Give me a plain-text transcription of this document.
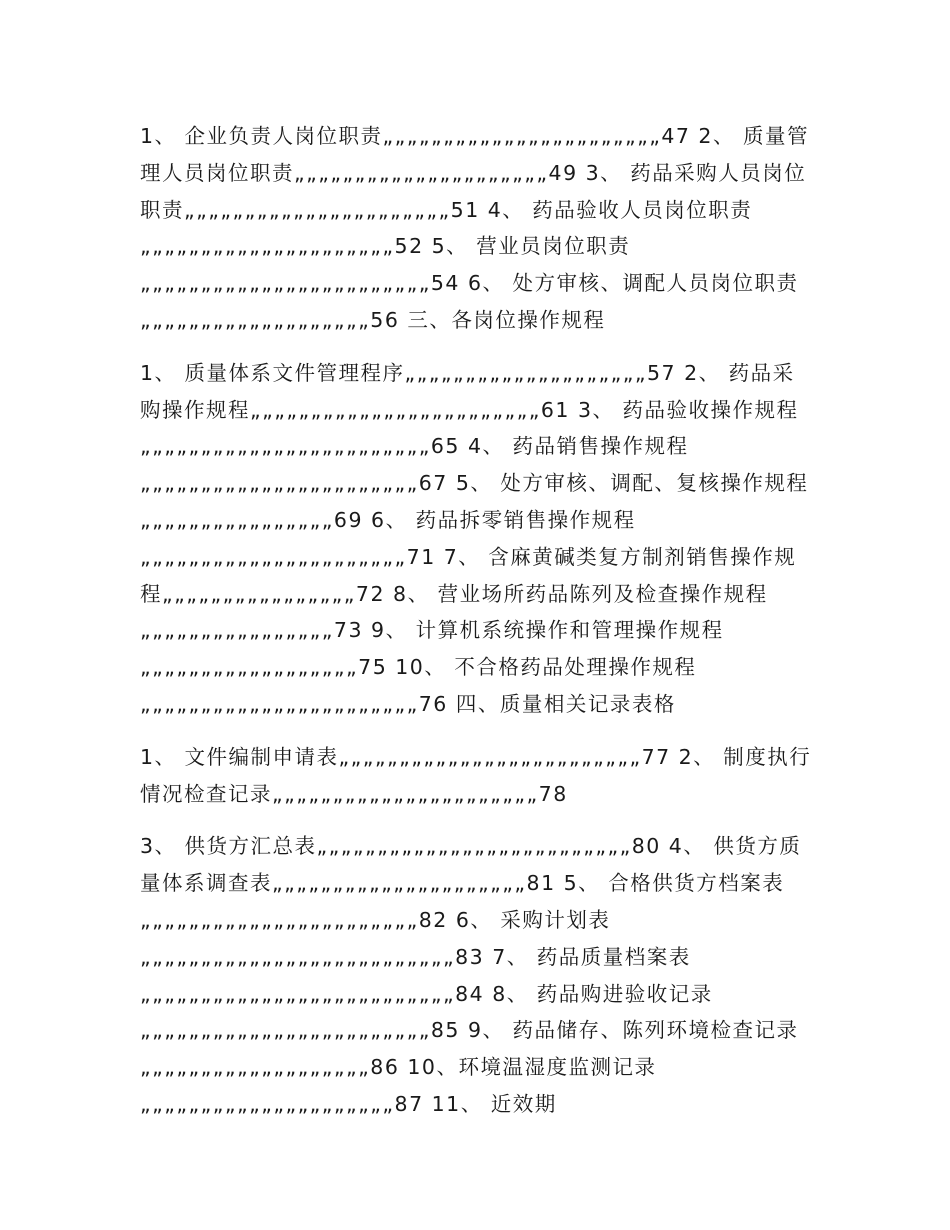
1、 企业负责人岗位职责„„„„„„„„„„„„„„„„„„„„„„„47 2、 质量管理人员岗位职责„„„„„„„„„„„„„„„„„„„„„49 3、 药品采购人员岗位职责„„„„„„„„„„„„„„„„„„„„„„51 4、 药品验收人员岗位职责„„„„„„„„„„„„„„„„„„„„„52 5、 营业员岗位职责„„„„„„„„„„„„„„„„„„„„„„„„54 6、 处方审核、调配人员岗位职责„„„„„„„„„„„„„„„„„„„56 三、各岗位操作规程

1、 质量体系文件管理程序„„„„„„„„„„„„„„„„„„„„57 2、 药品采购操作规程„„„„„„„„„„„„„„„„„„„„„„„„61 3、 药品验收操作规程„„„„„„„„„„„„„„„„„„„„„„„„65 4、 药品销售操作规程„„„„„„„„„„„„„„„„„„„„„„„67 5、 处方审核、调配、复核操作规程„„„„„„„„„„„„„„„„69 6、 药品拆零销售操作规程„„„„„„„„„„„„„„„„„„„„„„71 7、 含麻黄碱类复方制剂销售操作规程„„„„„„„„„„„„„„„„72 8、 营业场所药品陈列及检查操作规程„„„„„„„„„„„„„„„„73 9、 计算机系统操作和管理操作规程„„„„„„„„„„„„„„„„„„75 10、 不合格药品处理操作规程„„„„„„„„„„„„„„„„„„„„„„„76 四、质量相关记录表格

1、 文件编制申请表„„„„„„„„„„„„„„„„„„„„„„„„„77 2、 制度执行情况检查记录„„„„„„„„„„„„„„„„„„„„„„78

3、 供货方汇总表„„„„„„„„„„„„„„„„„„„„„„„„„„80 4、 供货方质量体系调查表„„„„„„„„„„„„„„„„„„„„„81 5、 合格供货方档案表„„„„„„„„„„„„„„„„„„„„„„„82 6、 采购计划表„„„„„„„„„„„„„„„„„„„„„„„„„„83 7、 药品质量档案表„„„„„„„„„„„„„„„„„„„„„„„„„„84 8、 药品购进验收记录„„„„„„„„„„„„„„„„„„„„„„„„85 9、 药品储存、陈列环境检查记录„„„„„„„„„„„„„„„„„„„86 10、环境温湿度监测记录„„„„„„„„„„„„„„„„„„„„„87 11、 近效期
